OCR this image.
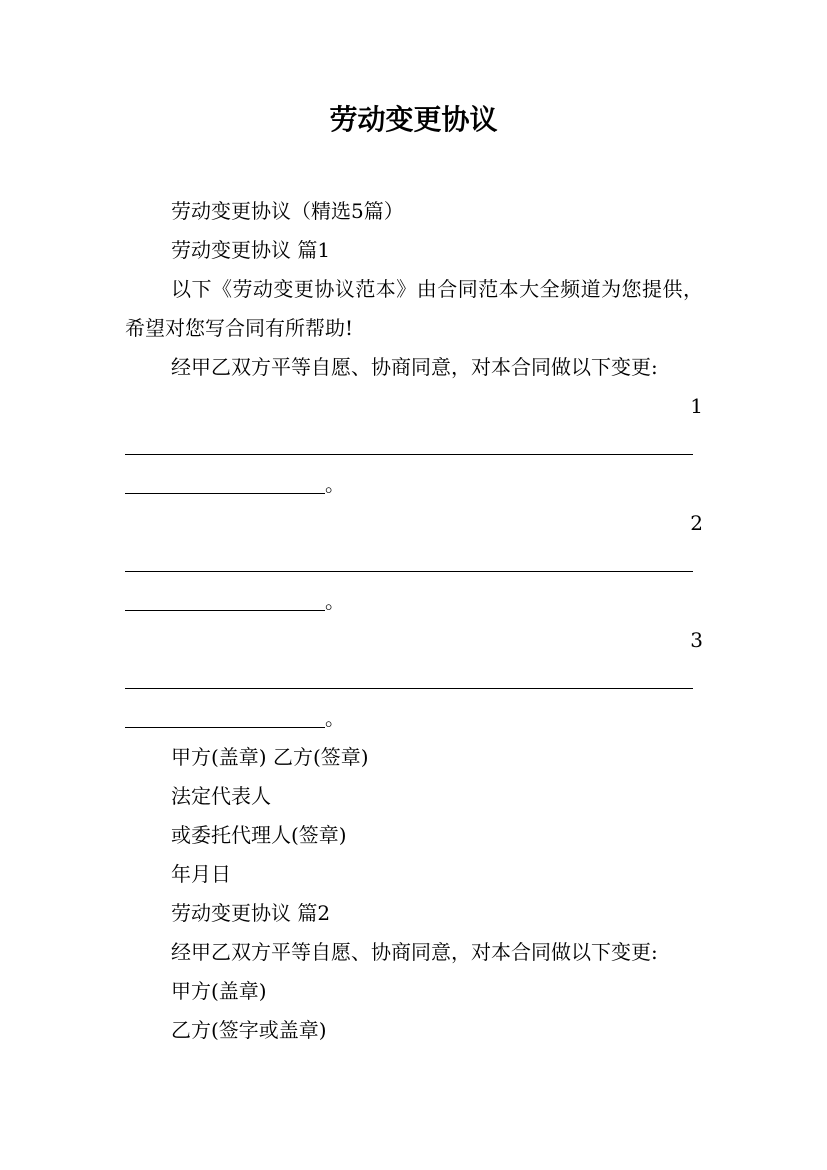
劳动变更协议

劳动变更协议（精选5篇）

劳动变更协议 篇1

以下《劳动变更协议范本》由合同范本大全频道为您提供，希望对您写合同有所帮助!

经甲乙双方平等自愿、协商同意，对本合同做以下变更:

1

。

2

。

3

。

甲方(盖章) 乙方(签章)

法定代表人

或委托代理人(签章)

年月日

劳动变更协议 篇2

经甲乙双方平等自愿、协商同意，对本合同做以下变更:

甲方(盖章)

乙方(签字或盖章)
